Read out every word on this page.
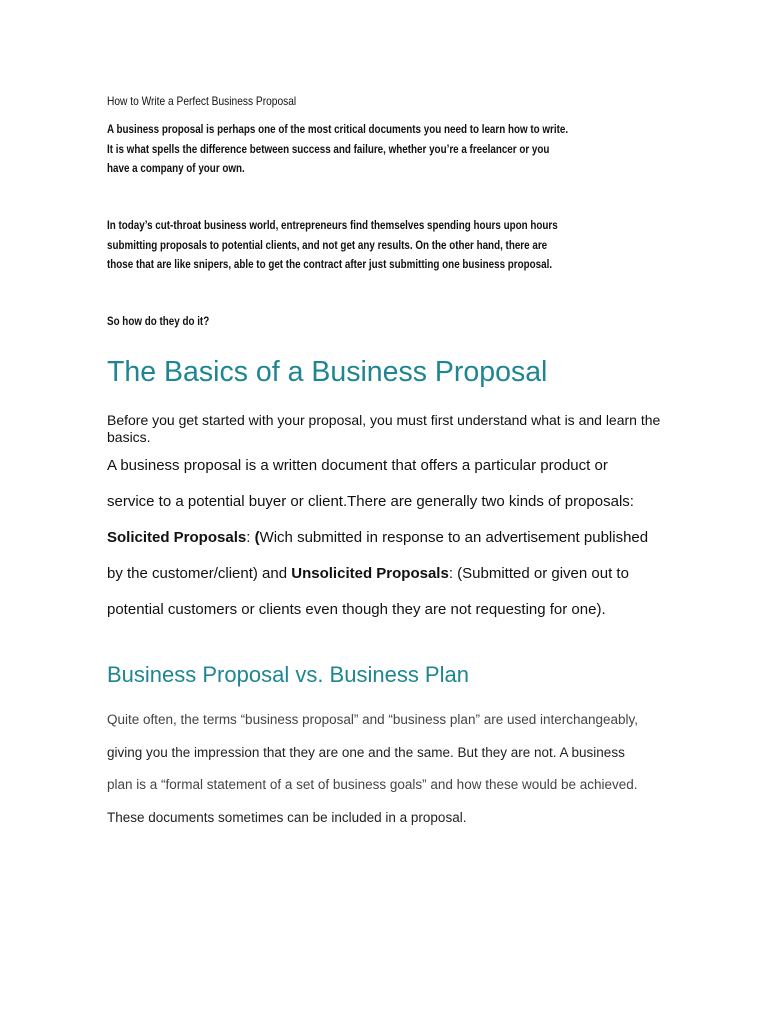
How to Write a Perfect Business Proposal

A business proposal is perhaps one of the most critical documents you need to learn how to write.
It is what spells the difference between success and failure, whether you’re a freelancer or you
have a company of your own.

In today’s cut-throat business world, entrepreneurs find themselves spending hours upon hours
submitting proposals to potential clients, and not get any results. On the other hand, there are
those that are like snipers, able to get the contract after just submitting one business proposal.

So how do they do it?

The Basics of a Business Proposal

Before you get started with your proposal, you must first understand what is and learn the
basics.

A business proposal is a written document that offers a particular product or
service to a potential buyer or client.There are generally two kinds of proposals:
Solicited Proposals: (Wich submitted in response to an advertisement published
by the customer/client) and Unsolicited Proposals: (Submitted or given out to
potential customers or clients even though they are not requesting for one).

Business Proposal vs. Business Plan

Quite often, the terms “business proposal” and “business plan” are used interchangeably,
giving you the impression that they are one and the same. But they are not. A business
plan is a “formal statement of a set of business goals” and how these would be achieved.
These documents sometimes can be included in a proposal.
